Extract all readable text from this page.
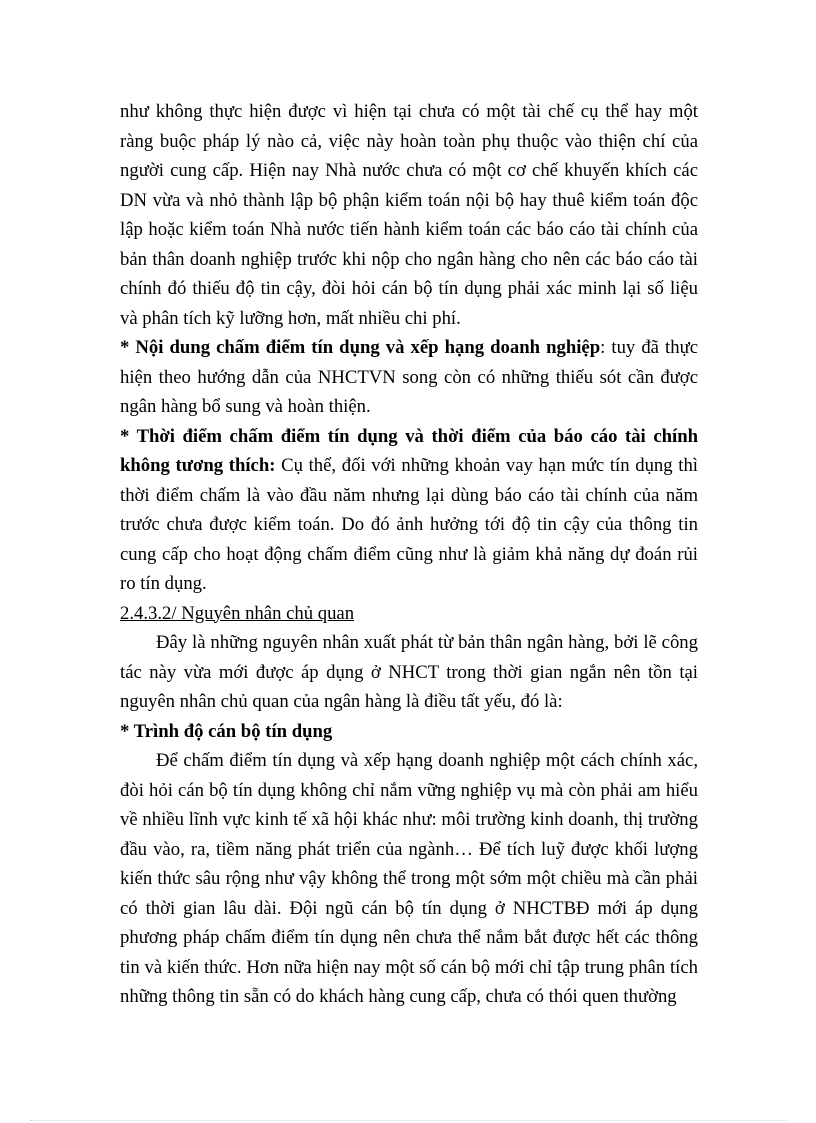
như không thực hiện được vì hiện tại chưa có một tài chế cụ thể hay một
ràng buộc pháp lý nào cả, việc này hoàn toàn phụ thuộc vào thiện chí của
người cung cấp. Hiện nay Nhà nước chưa có một cơ chế khuyến khích các
DN vừa và nhỏ thành lập bộ phận kiểm toán nội bộ hay thuê kiểm toán độc
lập hoặc kiểm toán Nhà nước tiến hành kiểm toán các báo cáo tài chính của
bản thân doanh nghiệp trước khi nộp cho ngân hàng cho nên các báo cáo tài
chính đó thiếu độ tin cậy, đòi hỏi cán bộ tín dụng phải xác minh lại số liệu
và phân tích kỹ lưỡng hơn, mất nhiều chi phí.

* Nội dung chấm điểm tín dụng và xếp hạng doanh nghiệp: tuy đã thực
hiện theo hướng dẫn của NHCTVN song còn có những thiếu sót cần được
ngân hàng bổ sung và hoàn thiện.

* Thời điểm chấm điểm tín dụng và thời điểm của báo cáo tài chính
không tương thích: Cụ thể, đối với những khoản vay hạn mức tín dụng thì
thời điểm chấm là vào đầu năm nhưng lại dùng báo cáo tài chính của năm
trước chưa được kiểm toán. Do đó ảnh hưởng tới độ tin cậy của thông tin
cung cấp cho hoạt động chấm điểm cũng như là giảm khả năng dự đoán rủi
ro tín dụng.

2.4.3.2/ Nguyên nhân chủ quan

Đây là những nguyên nhân xuất phát từ bản thân ngân hàng, bởi lẽ công
tác này vừa mới được áp dụng ở NHCT trong thời gian ngắn nên tồn tại
nguyên nhân chủ quan của ngân hàng là điều tất yếu, đó là:

* Trình độ cán bộ tín dụng

Để chấm điểm tín dụng và xếp hạng doanh nghiệp một cách chính xác,
đòi hỏi cán bộ tín dụng không chỉ nắm vững nghiệp vụ mà còn phải am hiểu
về nhiều lĩnh vực kinh tế xã hội khác như: môi trường kinh doanh, thị trường
đầu vào, ra, tiềm năng phát triển của ngành… Để tích luỹ được khối lượng
kiến thức sâu rộng như vậy không thể trong một sớm một chiều mà cần phải
có thời gian lâu dài. Đội ngũ cán bộ tín dụng ở NHCTBĐ mới áp dụng
phương pháp chấm điểm tín dụng nên chưa thể nắm bắt được hết các thông
tin và kiến thức. Hơn nữa hiện nay một số cán bộ mới chỉ tập trung phân tích
những thông tin sẵn có do khách hàng cung cấp, chưa có thói quen thường
